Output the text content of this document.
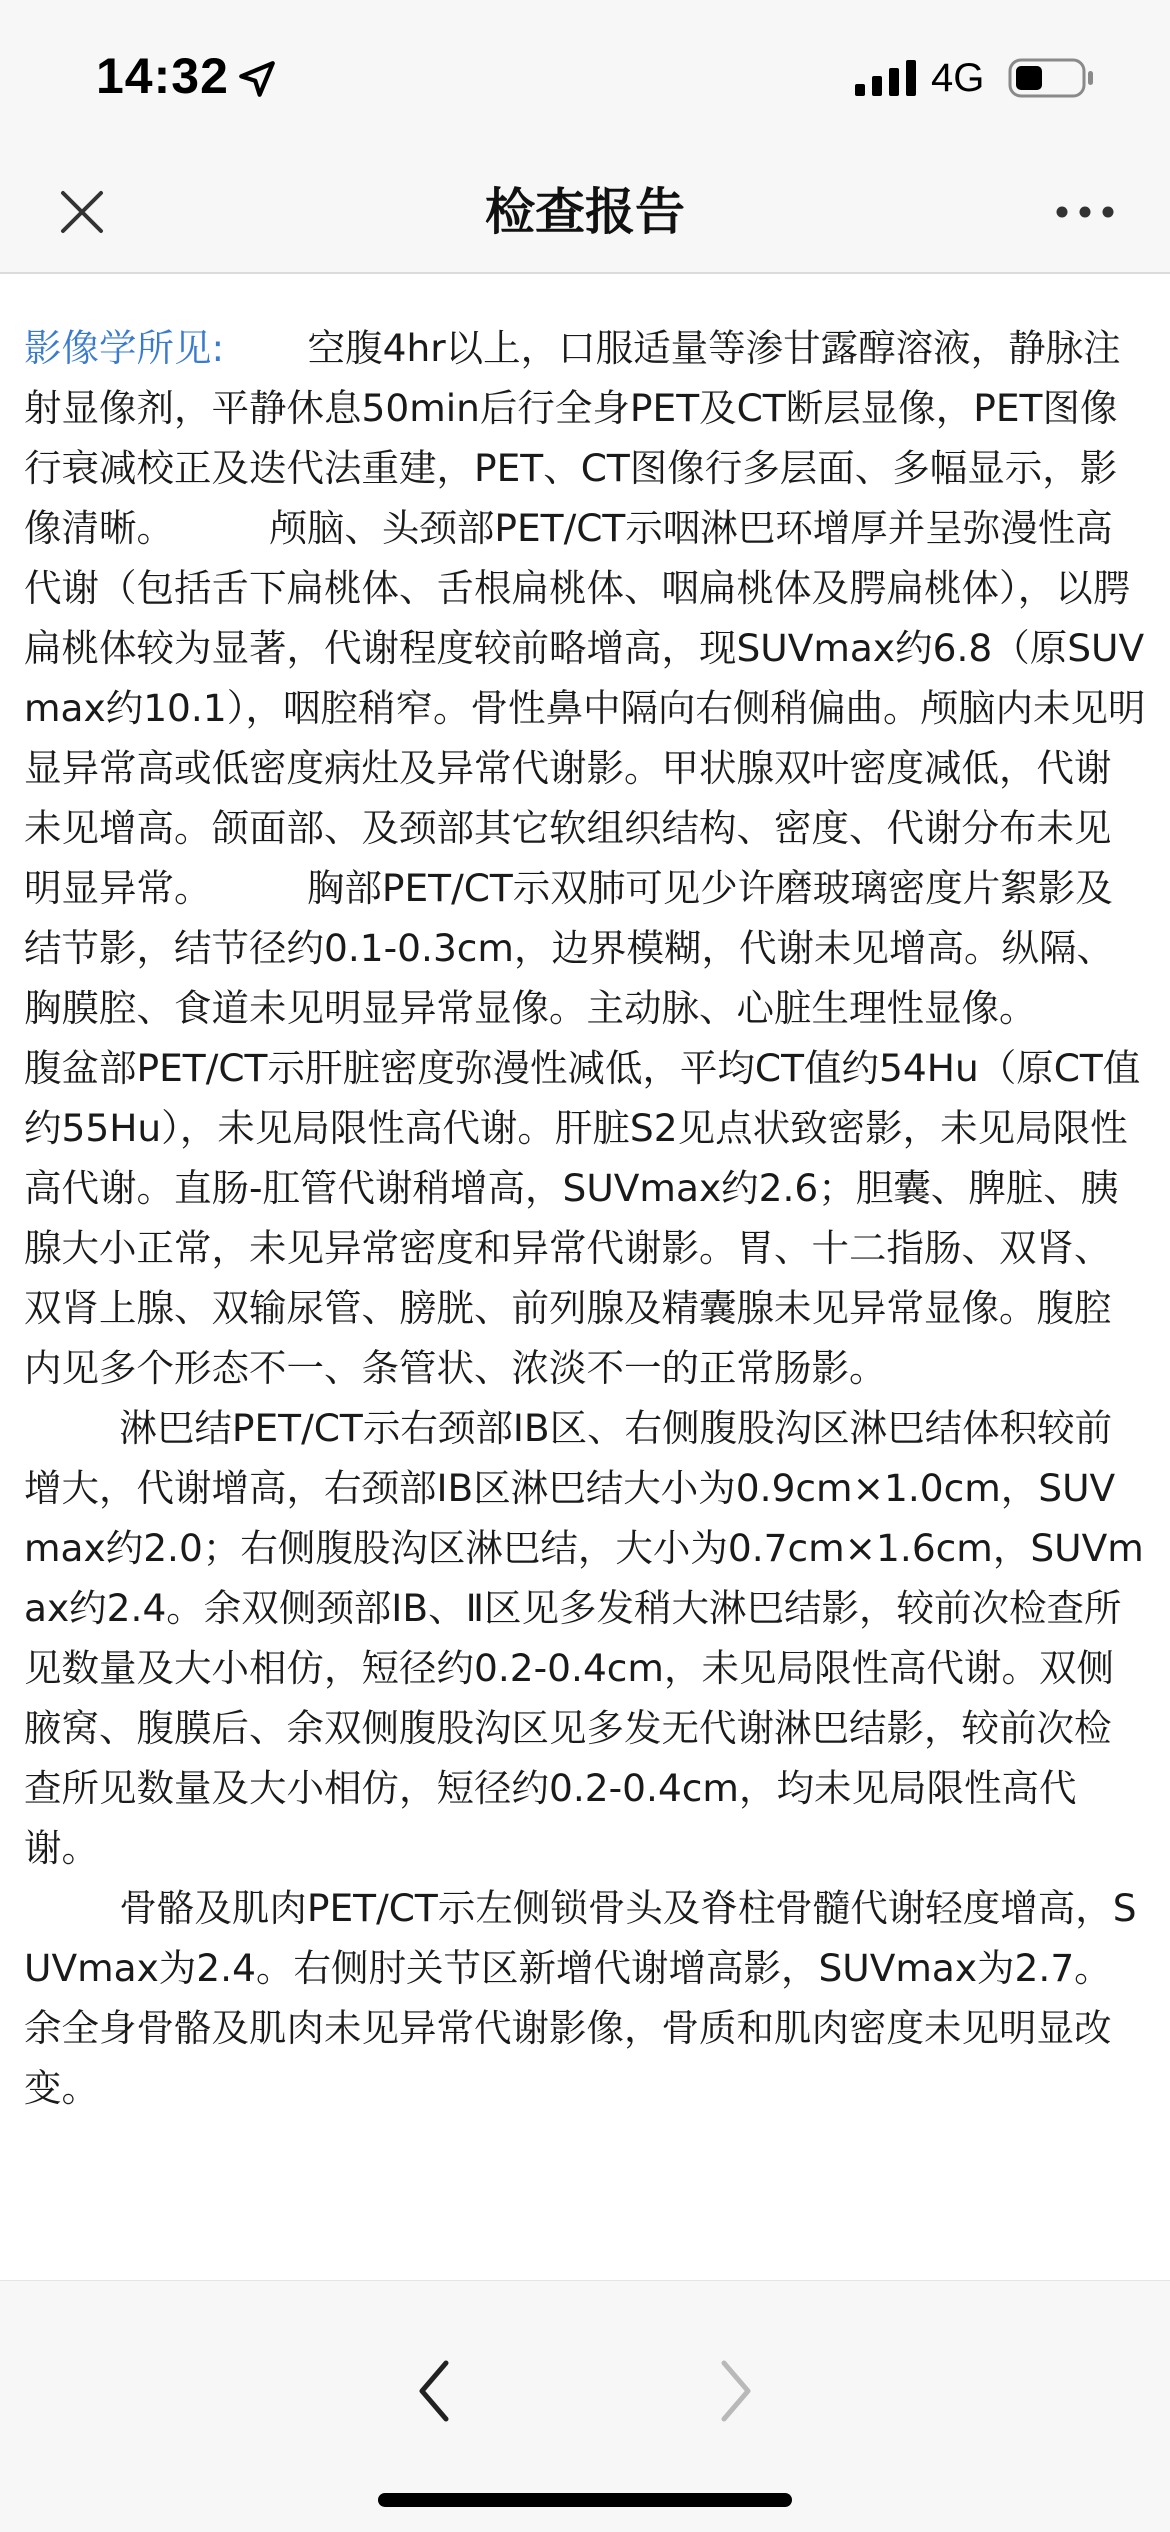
14:32	4G
检查报告

影像学所见:       空腹4hr以上，口服适量等渗甘露醇溶液，静脉注射显像剂，平静休息50min后行全身PET及CT断层显像，PET图像行衰减校正及迭代法重建，PET、CT图像行多层面、多幅显示，影像清晰。        颅脑、头颈部PET/CT示咽淋巴环增厚并呈弥漫性高代谢（包括舌下扁桃体、舌根扁桃体、咽扁桃体及腭扁桃体），以腭扁桃体较为显著，代谢程度较前略增高，现SUVmax约6.8（原SUVmax约10.1），咽腔稍窄。骨性鼻中隔向右侧稍偏曲。颅脑内未见明显异常高或低密度病灶及异常代谢影。甲状腺双叶密度减低，代谢未见增高。颌面部、及颈部其它软组织结构、密度、代谢分布未见明显异常。        胸部PET/CT示双肺可见少许磨玻璃密度片絮影及结节影，结节径约0.1-0.3cm，边界模糊，代谢未见增高。纵隔、胸膜腔、食道未见明显异常显像。主动脉、心脏生理性显像。        腹盆部PET/CT示肝脏密度弥漫性减低，平均CT值约54Hu（原CT值约55Hu），未见局限性高代谢。肝脏S2见点状致密影，未见局限性高代谢。直肠-肛管代谢稍增高，SUVmax约2.6；胆囊、脾脏、胰腺大小正常，未见异常密度和异常代谢影。胃、十二指肠、双肾、双肾上腺、双输尿管、膀胱、前列腺及精囊腺未见异常显像。腹腔内见多个形态不一、条管状、浓淡不一的正常肠影。
淋巴结PET/CT示右颈部ⅠB区、右侧腹股沟区淋巴结体积较前增大，代谢增高，右颈部ⅠB区淋巴结大小为0.9cm×1.0cm，SUVmax约2.0；右侧腹股沟区淋巴结，大小为0.7cm×1.6cm，SUVmax约2.4。余双侧颈部ⅠB、Ⅱ区见多发稍大淋巴结影，较前次检查所见数量及大小相仿，短径约0.2-0.4cm，未见局限性高代谢。双侧腋窝、腹膜后、余双侧腹股沟区见多发无代谢淋巴结影，较前次检查所见数量及大小相仿，短径约0.2-0.4cm，均未见局限性高代谢。
骨骼及肌肉PET/CT示左侧锁骨头及脊柱骨髓代谢轻度增高，SUVmax为2.4。右侧肘关节区新增代谢增高影，SUVmax为2.7。余全身骨骼及肌肉未见异常代谢影像，骨质和肌肉密度未见明显改变。
